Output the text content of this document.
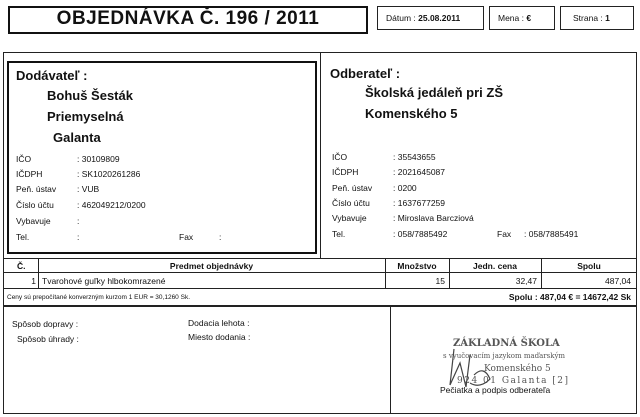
OBJEDNÁVKA Č. 196 / 2011	Dátum : 25.08.2011	Mena : €	Strana : 1
Dodávateľ :
Bohuš Šesták
Priemyselná
Galanta
IČO	: 30109809
IČDPH	: SK1020261286
Peň. ústav : VUB
Číslo účtu	: 462049212/0200
Vybavuje	:
Tel.	:	Fax	:
Odberateľ :
Školská jedáleň pri ZŠ
Komenského 5
IČO	: 35543655
IČDPH	: 2021645087
Peň. ústav : 0200
Číslo účtu	: 1637677259
Vybavuje	: Miroslava Barcziová
Tel.	: 058/7885492	Fax : 058/7885491
Č.	Predmet objednávky	Množstvo	Jedn. cena	Spolu
1 Tvarohové guľky hlbokomrazené	15	32,47	487,04
Ceny sú prepočítané konverzným kurzom 1 EUR = 30,1260 Sk.	Spolu : 487,04 € = 14672,42 Sk
Spôsob dopravy :
Spôsob úhrady :
Dodacia lehota :
Miesto dodania :
ZÁKLADNÁ ŠKOLA
s vyučovacím jazykom maďarským
Komenského 5
924 01 Galanta [2]
Pečiatka a podpis odberateľa
